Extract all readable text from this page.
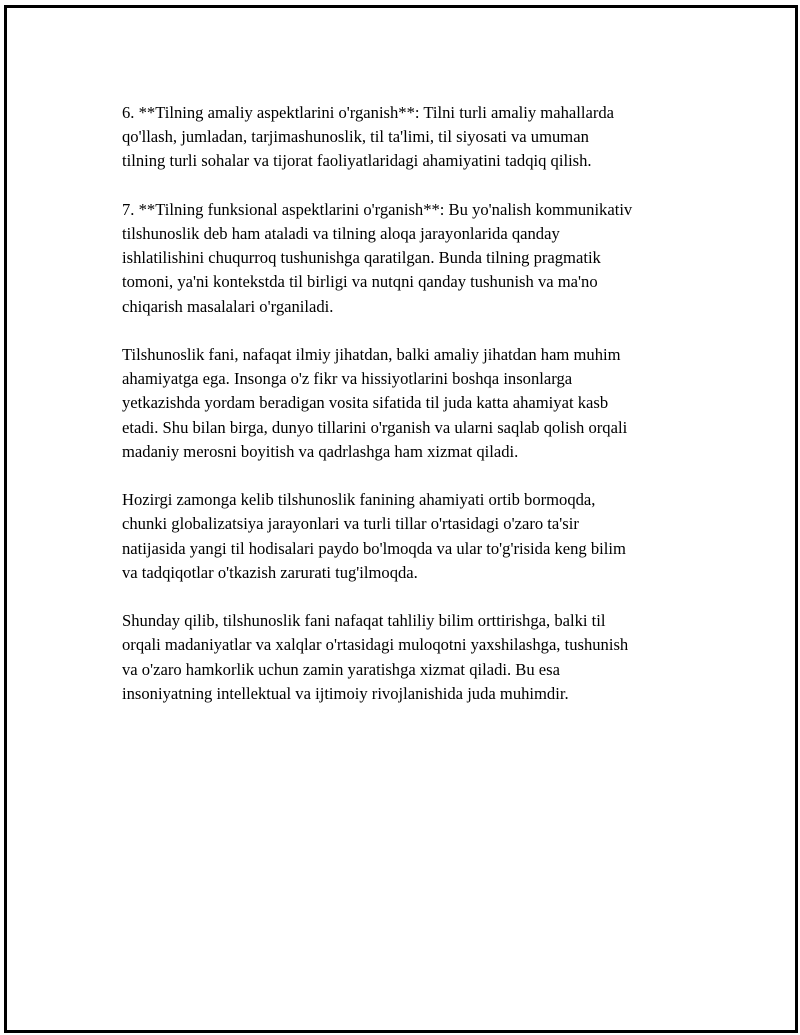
6. **Tilning amaliy aspektlarini o'rganish**: Tilni turli amaliy mahallarda
qo'llash, jumladan, tarjimashunoslik, til ta'limi, til siyosati va umuman
tilning turli sohalar va tijorat faoliyatlaridagi ahamiyatini tadqiq qilish.

7. **Tilning funksional aspektlarini o'rganish**: Bu yo'nalish kommunikativ
tilshunoslik deb ham ataladi va tilning aloqa jarayonlarida qanday
ishlatilishini chuqurroq tushunishga qaratilgan. Bunda tilning pragmatik
tomoni, ya'ni kontekstda til birligi va nutqni qanday tushunish va ma'no
chiqarish masalalari o'rganiladi.

Tilshunoslik fani, nafaqat ilmiy jihatdan, balki amaliy jihatdan ham muhim
ahamiyatga ega. Insonga o'z fikr va hissiyotlarini boshqa insonlarga
yetkazishda yordam beradigan vosita sifatida til juda katta ahamiyat kasb
etadi. Shu bilan birga, dunyo tillarini o'rganish va ularni saqlab qolish orqali
madaniy merosni boyitish va qadrlashga ham xizmat qiladi.

Hozirgi zamonga kelib tilshunoslik fanining ahamiyati ortib bormoqda,
chunki globalizatsiya jarayonlari va turli tillar o'rtasidagi o'zaro ta'sir
natijasida yangi til hodisalari paydo bo'lmoqda va ular to'g'risida keng bilim
va tadqiqotlar o'tkazish zarurati tug'ilmoqda.

Shunday qilib, tilshunoslik fani nafaqat tahliliy bilim orttirishga, balki til
orqali madaniyatlar va xalqlar o'rtasidagi muloqotni yaxshilashga, tushunish
va o'zaro hamkorlik uchun zamin yaratishga xizmat qiladi. Bu esa
insoniyatning intellektual va ijtimoiy rivojlanishida juda muhimdir.
